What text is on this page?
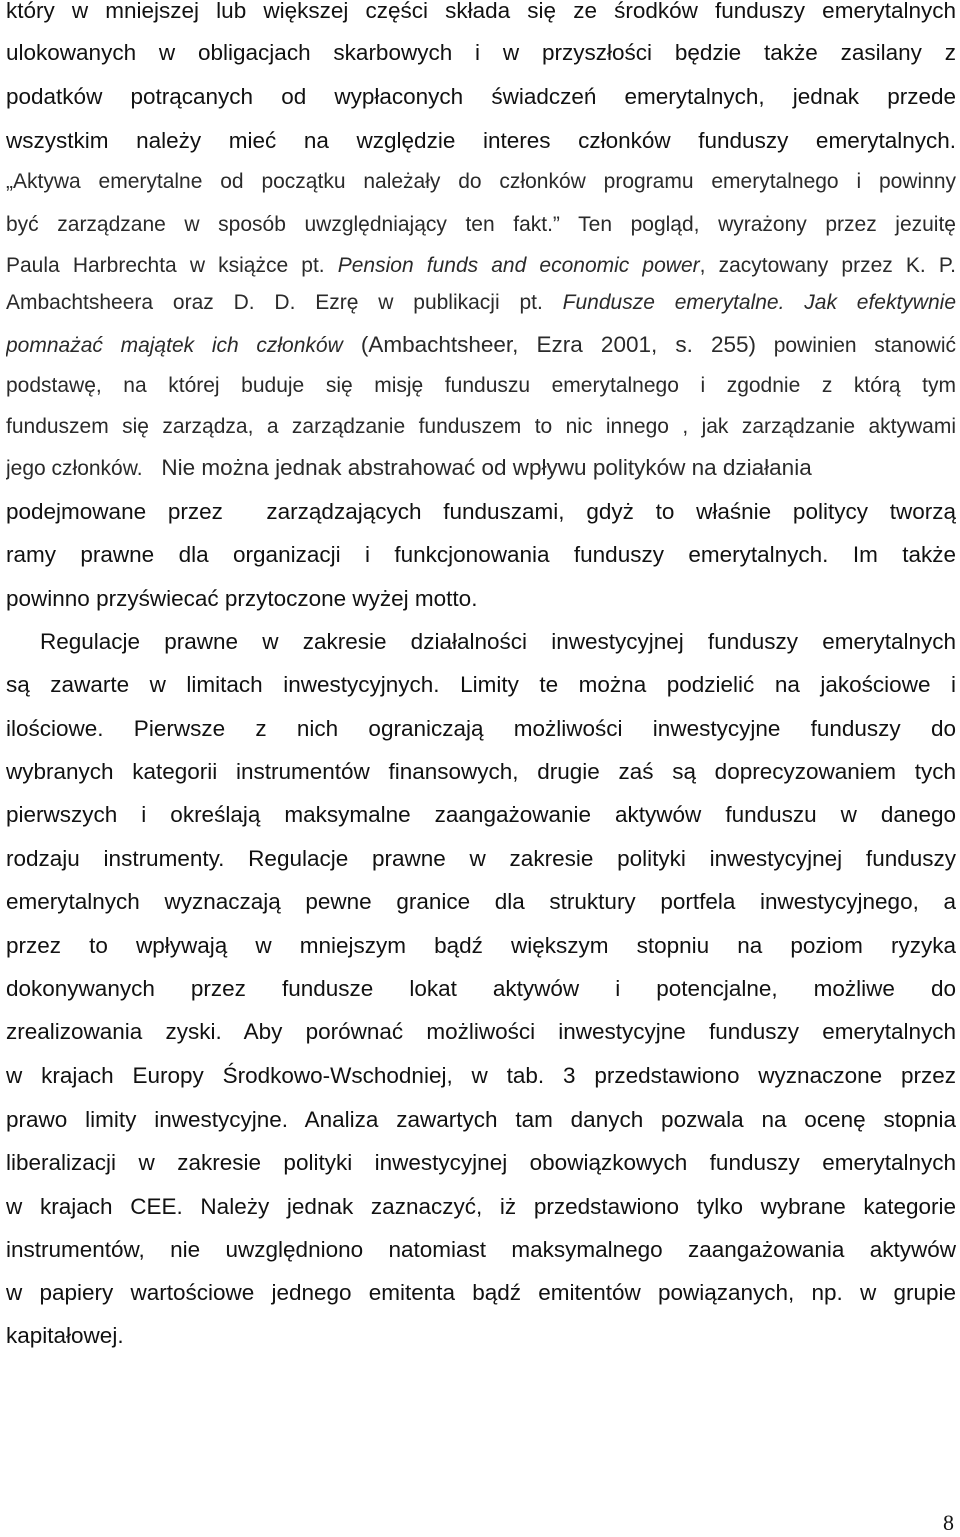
który w mniejszej lub większej części składa się ze środków funduszy emerytalnych
ulokowanych w obligacjach skarbowych i w przyszłości będzie także zasilany z
podatków potrącanych od wypłaconych świadczeń emerytalnych, jednak przede
wszystkim należy mieć na względzie interes członków funduszy emerytalnych.
„Aktywa emerytalne od początku należały do członków programu emerytalnego i powinny
być zarządzane w sposób uwzględniający ten fakt.” Ten pogląd, wyrażony przez jezuitę
Paula Harbrechta w książce pt. Pension funds and economic power, zacytowany przez K. P.
Ambachtsheera oraz D. D. Ezrę w publikacji pt. Fundusze emerytalne. Jak efektywnie
pomnażać majątek ich członków (Ambachtsheer, Ezra 2001, s. 255) powinien stanowić
podstawę, na której buduje się misję funduszu emerytalnego i zgodnie z którą tym
funduszem się zarządza, a zarządzanie funduszem to nic innego , jak zarządzanie aktywami
jego członków.   Nie można jednak abstrahować od wpływu polityków na działania
podejmowane przez  zarządzających funduszami, gdyż to właśnie politycy tworzą
ramy prawne dla organizacji i funkcjonowania funduszy emerytalnych. Im także
powinno przyświecać przytoczone wyżej motto.
Regulacje prawne w zakresie działalności inwestycyjnej funduszy emerytalnych
są zawarte w limitach inwestycyjnych. Limity te można podzielić na jakościowe i
ilościowe. Pierwsze z nich ograniczają możliwości inwestycyjne funduszy do
wybranych kategorii instrumentów finansowych, drugie zaś są doprecyzowaniem tych
pierwszych i określają maksymalne zaangażowanie aktywów funduszu w danego
rodzaju instrumenty. Regulacje prawne w zakresie polityki inwestycyjnej funduszy
emerytalnych wyznaczają pewne granice dla struktury portfela inwestycyjnego, a
przez to wpływają w mniejszym bądź większym stopniu na poziom ryzyka
dokonywanych przez fundusze lokat aktywów i potencjalne, możliwe do
zrealizowania zyski. Aby porównać możliwości inwestycyjne funduszy emerytalnych
w krajach Europy Środkowo-Wschodniej, w tab. 3 przedstawiono wyznaczone przez
prawo limity inwestycyjne. Analiza zawartych tam danych pozwala na ocenę stopnia
liberalizacji w zakresie polityki inwestycyjnej obowiązkowych funduszy emerytalnych
w krajach CEE. Należy jednak zaznaczyć, iż przedstawiono tylko wybrane kategorie
instrumentów, nie uwzględniono natomiast maksymalnego zaangażowania aktywów
w papiery wartościowe jednego emitenta bądź emitentów powiązanych, np. w grupie
kapitałowej.
8
